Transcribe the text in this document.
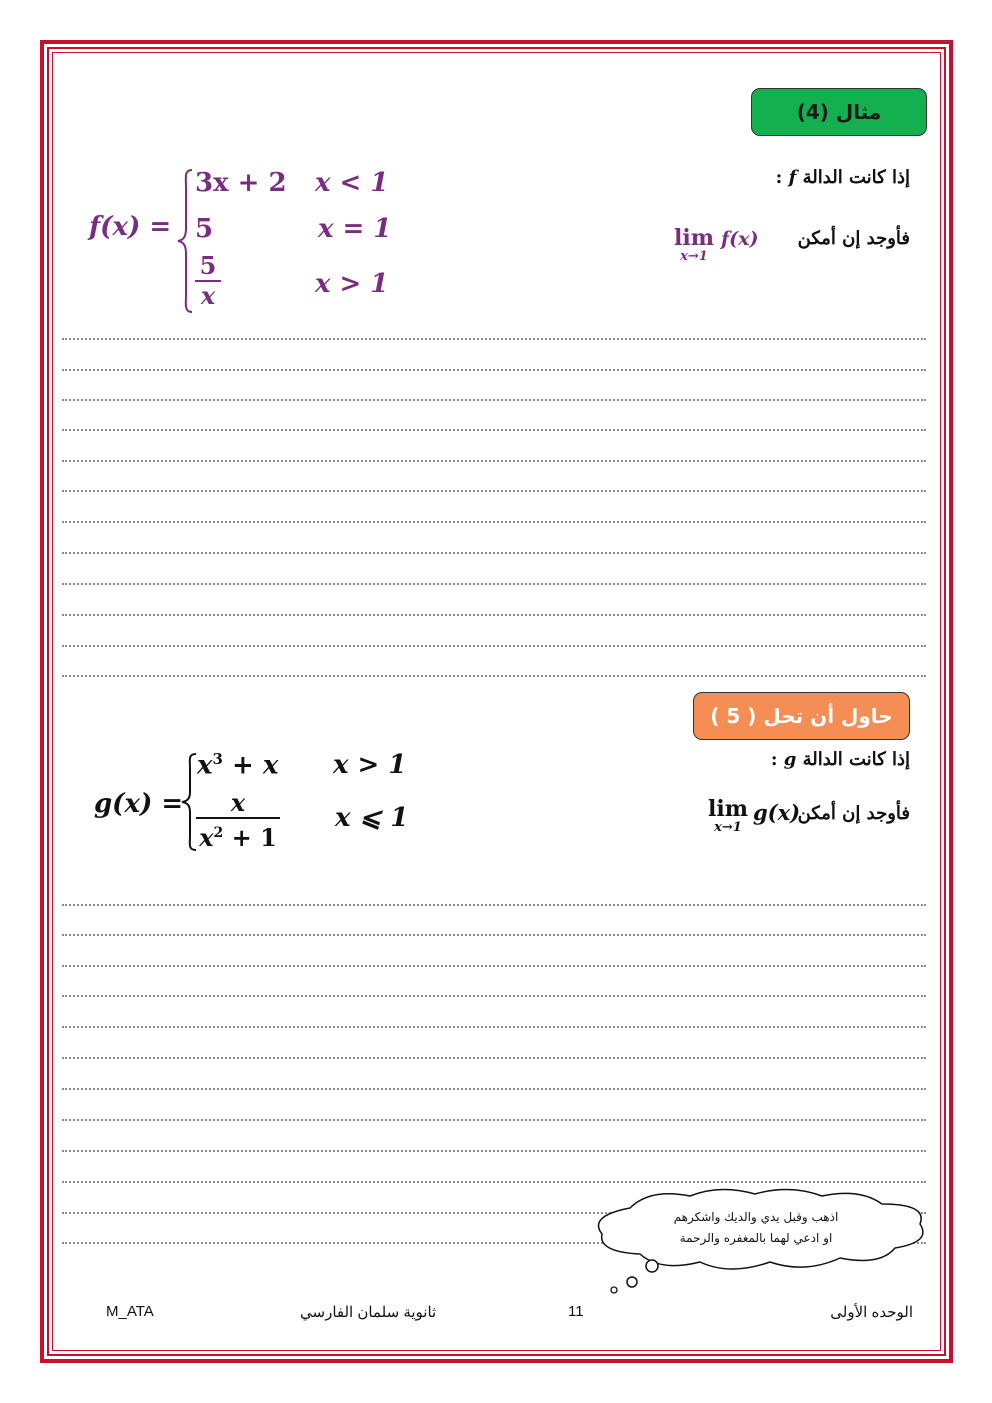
مثال (4)
إذا كانت الدالة f :
فأوجد إن أمكن
lim
x→1
f(x)
f(x) =
3x + 2 x < 1
5	x = 1
$\frac{5}{x}$	x > 1
حاول أن تحل ( 5 )
إذا كانت الدالة g :
فأوجد إن أمكن
lim
x→1
g(x)
g(x) =
$x^3 + x$ x > 1
$\frac{x}{x^2 + 1}$ x ⩽ 1
اذهب وقبل يدي والديك واشكرهم
او ادعي لهما بالمغفره والرحمة
الوحده الأولى
11
ثانوية سلمان الفارسي
M_ATA
